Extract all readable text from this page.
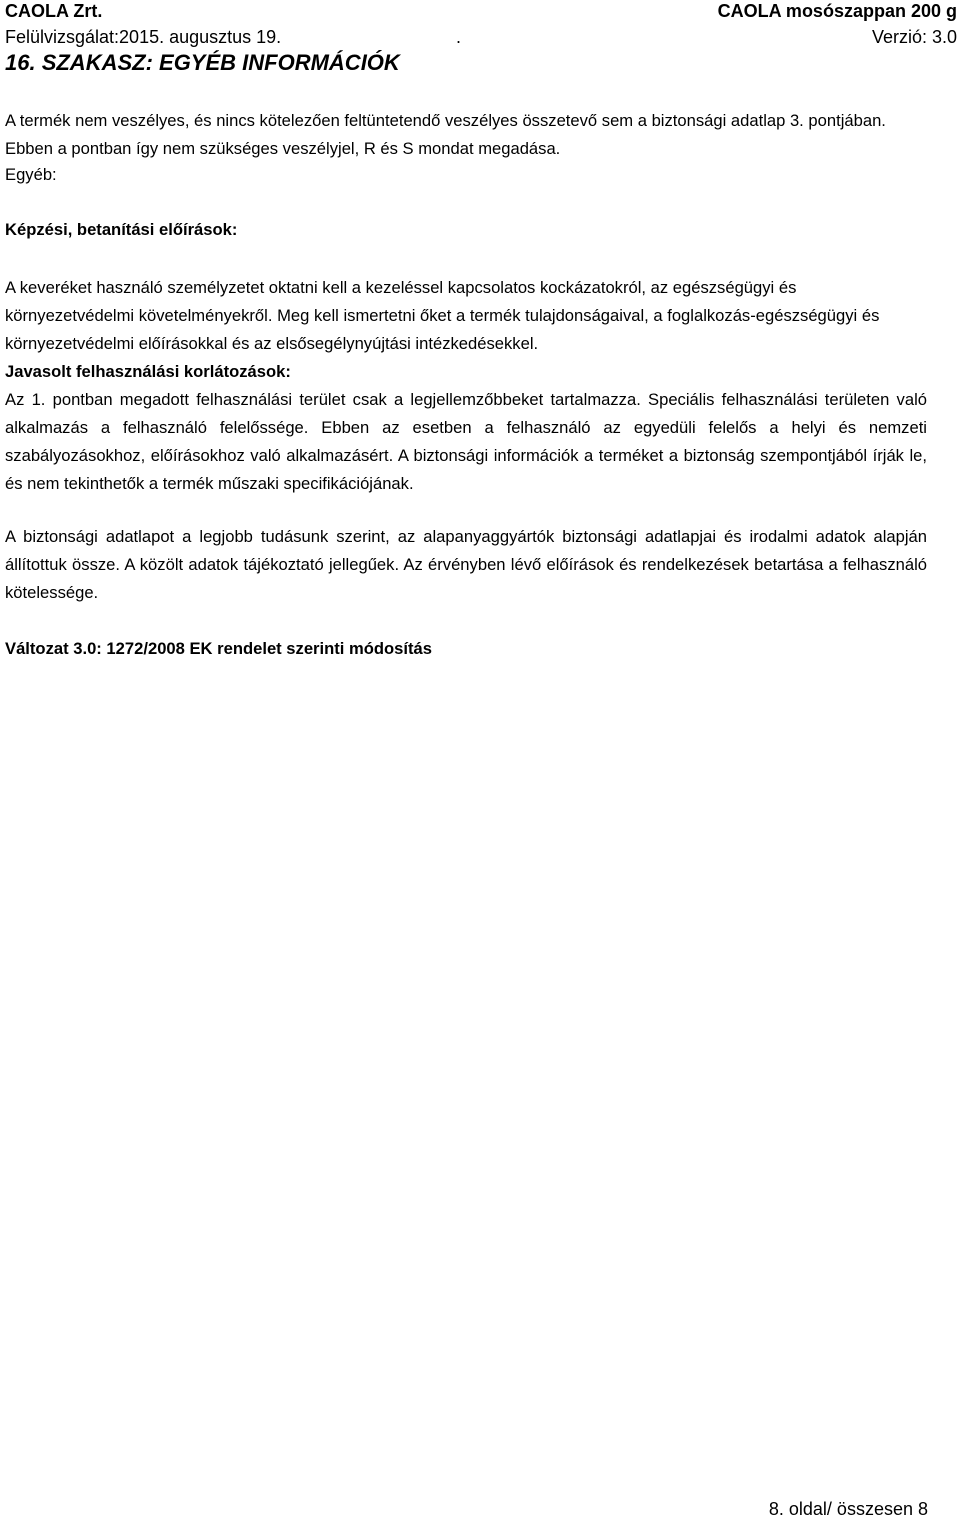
CAOLA Zrt.	CAOLA mosószappan 200 g
Felülvizsgálat:2015. augusztus 19.	.	Verzió: 3.0
16. SZAKASZ: EGYÉB INFORMÁCIÓK
A termék nem veszélyes, és nincs kötelezően feltüntetendő veszélyes összetevő sem a biztonsági adatlap 3. pontjában. Ebben a pontban így nem szükséges veszélyjel, R és S mondat megadása.
Egyéb:
Képzési, betanítási előírások:
A keveréket használó személyzetet oktatni kell a kezeléssel kapcsolatos kockázatokról, az egészségügyi és környezetvédelmi követelményekről. Meg kell ismertetni őket a termék tulajdonságaival, a foglalkozás-egészségügyi és környezetvédelmi előírásokkal és az elsősegélynyújtási intézkedésekkel.
Javasolt felhasználási korlátozások:
Az 1. pontban megadott felhasználási terület csak a legjellemzőbbeket tartalmazza. Speciális felhasználási területen való alkalmazás a felhasználó felelőssége. Ebben az esetben a felhasználó az egyedüli felelős a helyi és nemzeti szabályozásokhoz, előírásokhoz való alkalmazásért. A biztonsági információk a terméket a biztonság szempontjából írják le, és nem tekinthetők a termék műszaki specifikációjának.
A biztonsági adatlapot a legjobb tudásunk szerint, az alapanyaggyártók biztonsági adatlapjai és irodalmi adatok alapján állítottuk össze. A közölt adatok tájékoztató jellegűek. Az érvényben lévő előírások és rendelkezések betartása a felhasználó kötelessége.
Változat 3.0: 1272/2008 EK rendelet szerinti módosítás
8. oldal/ összesen 8
